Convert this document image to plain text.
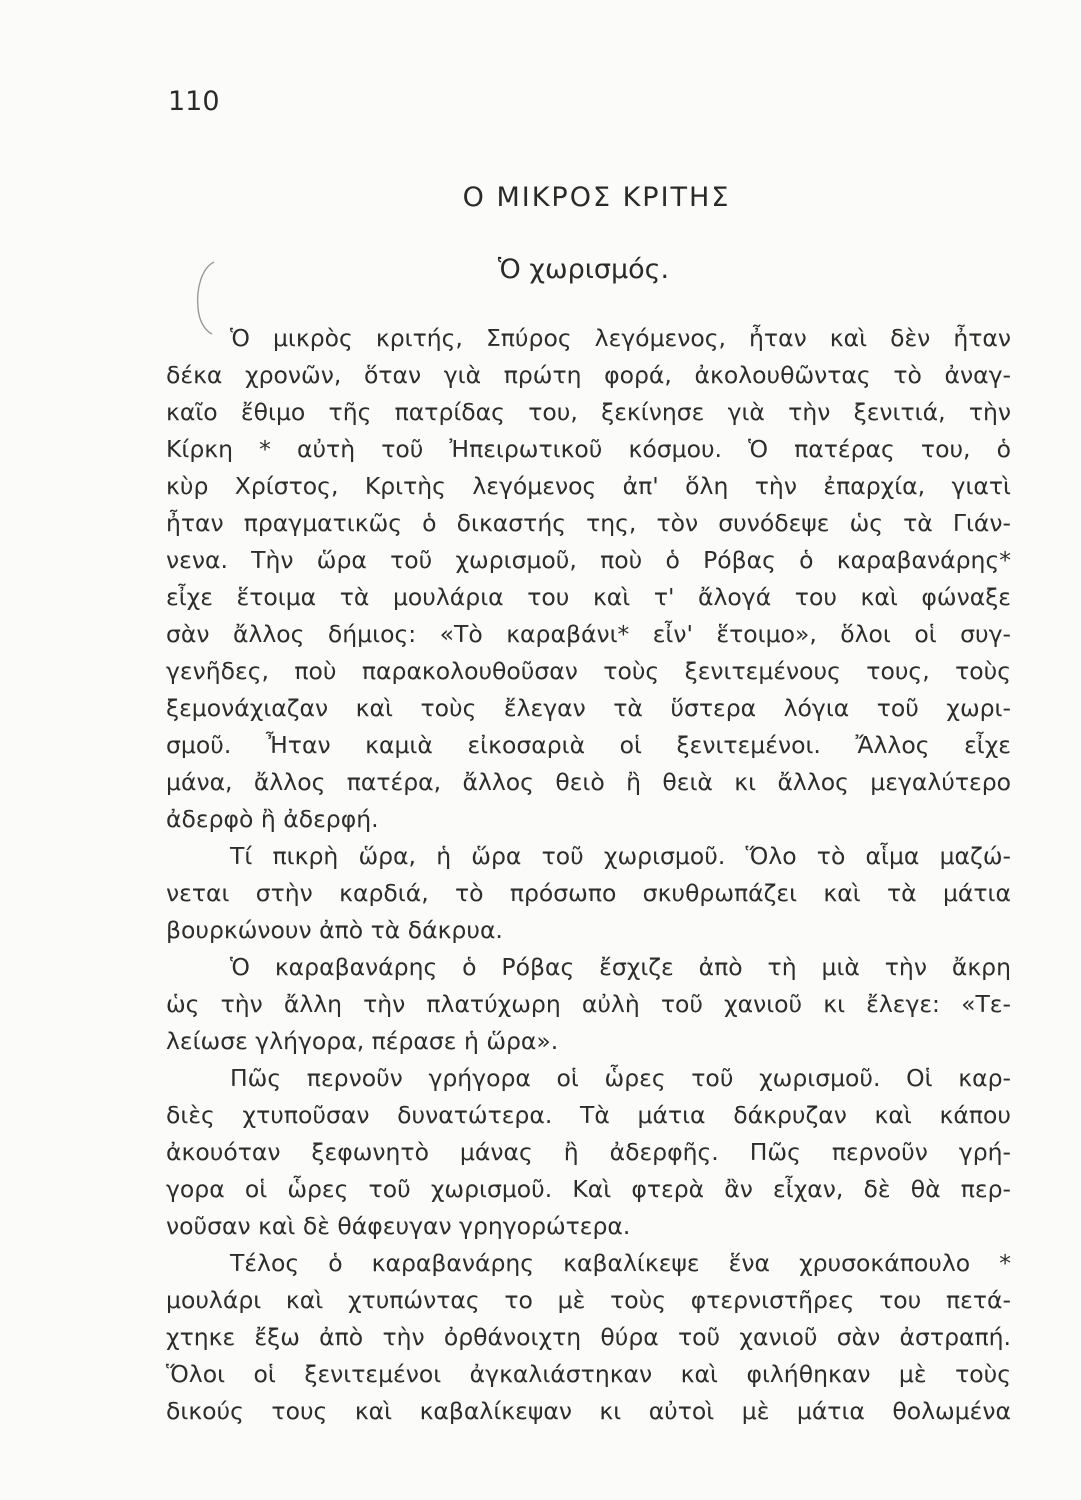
110
Ο ΜΙΚΡΟΣ ΚΡΙΤΗΣ
Ὁ χωρισμός.
Ὁ μικρὸς κριτής, Σπύρος λεγόμενος, ἦταν καὶ δὲν ἦταν
δέκα χρονῶν, ὅταν γιὰ πρώτη φορά, ἀκολουθῶντας τὸ ἀναγ-
καῖο ἔθιμο τῆς πατρίδας του, ξεκίνησε γιὰ τὴν ξενιτιά, τὴν
Κίρκη * αὐτὴ τοῦ Ἠπειρωτικοῦ κόσμου. Ὁ πατέρας του, ὁ
κὺρ Χρίστος, Κριτὴς λεγόμενος ἀπ' ὅλη τὴν ἐπαρχία, γιατὶ
ἦταν πραγματικῶς ὁ δικαστής της, τὸν συνόδεψε ὡς τὰ Γιάν-
νενα. Τὴν ὥρα τοῦ χωρισμοῦ, ποὺ ὁ Ρόβας ὁ καραβανάρης*
εἶχε ἕτοιμα τὰ μουλάρια του καὶ τ' ἄλογά του καὶ φώναξε
σὰν ἄλλος δήμιος: «Τὸ καραβάνι* εἶν' ἕτοιμο», ὅλοι οἱ συγ-
γενῆδες, ποὺ παρακολουθοῦσαν τοὺς ξενιτεμένους τους, τοὺς
ξεμονάχιαζαν καὶ τοὺς ἔλεγαν τὰ ὕστερα λόγια τοῦ χωρι-
σμοῦ. Ἦταν καμιὰ εἰκοσαριὰ οἱ ξενιτεμένοι. Ἄλλος εἶχε
μάνα, ἄλλος πατέρα, ἄλλος θειὸ ἢ θειὰ κι ἄλλος μεγαλύτερο
ἀδερφὸ ἢ ἀδερφή.
Τί πικρὴ ὥρα, ἡ ὥρα τοῦ χωρισμοῦ. Ὅλο τὸ αἷμα μαζώ-
νεται στὴν καρδιά, τὸ πρόσωπο σκυθρωπάζει καὶ τὰ μάτια
βουρκώνουν ἀπὸ τὰ δάκρυα.
Ὁ καραβανάρης ὁ Ρόβας ἔσχιζε ἀπὸ τὴ μιὰ τὴν ἄκρη
ὡς τὴν ἄλλη τὴν πλατύχωρη αὐλὴ τοῦ χανιοῦ κι ἔλεγε: «Τε-
λείωσε γλήγορα, πέρασε ἡ ὥρα».
Πῶς περνοῦν γρήγορα οἱ ὧρες τοῦ χωρισμοῦ. Οἱ καρ-
διὲς χτυποῦσαν δυνατώτερα. Τὰ μάτια δάκρυζαν καὶ κάπου
ἀκουόταν ξεφωνητὸ μάνας ἢ ἀδερφῆς. Πῶς περνοῦν γρή-
γορα οἱ ὧρες τοῦ χωρισμοῦ. Καὶ φτερὰ ἂν εἶχαν, δὲ θὰ περ-
νοῦσαν καὶ δὲ θάφευγαν γρηγορώτερα.
Τέλος ὁ καραβανάρης καβαλίκεψε ἕνα χρυσοκάπουλο *
μουλάρι καὶ χτυπώντας το μὲ τοὺς φτερνιστῆρες του πετά-
χτηκε ἔξω ἀπὸ τὴν ὀρθάνοιχτη θύρα τοῦ χανιοῦ σὰν ἀστραπή.
Ὅλοι οἱ ξενιτεμένοι ἀγκαλιάστηκαν καὶ φιλήθηκαν μὲ τοὺς
δικούς τους καὶ καβαλίκεψαν κι αὐτοὶ μὲ μάτια θολωμένα
